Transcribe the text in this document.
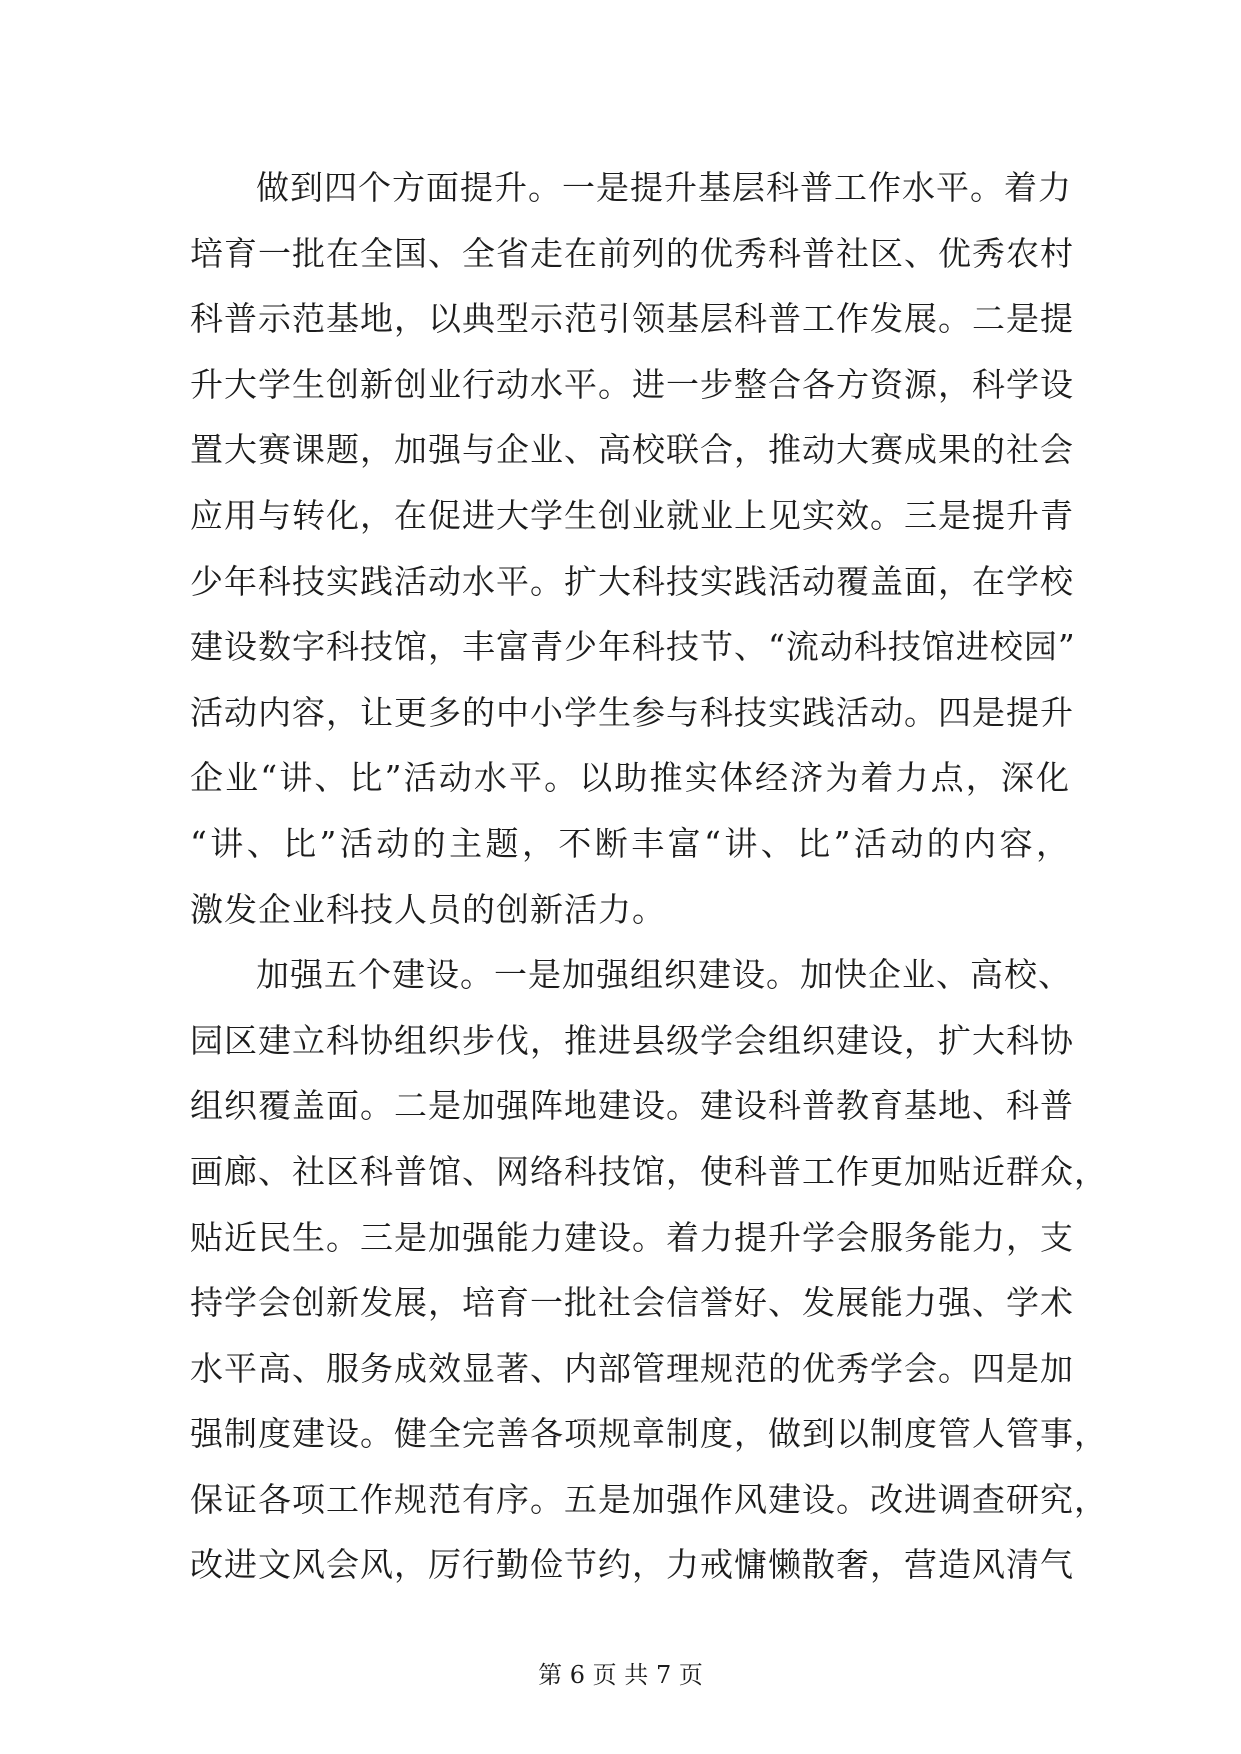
做到四个方面提升。一是提升基层科普工作水平。着力
培育一批在全国、全省走在前列的优秀科普社区、优秀农村
科普示范基地，以典型示范引领基层科普工作发展。二是提
升大学生创新创业行动水平。进一步整合各方资源，科学设
置大赛课题，加强与企业、高校联合，推动大赛成果的社会
应用与转化，在促进大学生创业就业上见实效。三是提升青
少年科技实践活动水平。扩大科技实践活动覆盖面，在学校
建设数字科技馆，丰富青少年科技节、“流动科技馆进校园”
活动内容，让更多的中小学生参与科技实践活动。四是提升
企业“讲、比”活动水平。以助推实体经济为着力点，深化
“讲、比”活动的主题，不断丰富“讲、比”活动的内容，
激发企业科技人员的创新活力。
加强五个建设。一是加强组织建设。加快企业、高校、
园区建立科协组织步伐，推进县级学会组织建设，扩大科协
组织覆盖面。二是加强阵地建设。建设科普教育基地、科普
画廊、社区科普馆、网络科技馆，使科普工作更加贴近群众，
贴近民生。三是加强能力建设。着力提升学会服务能力，支
持学会创新发展，培育一批社会信誉好、发展能力强、学术
水平高、服务成效显著、内部管理规范的优秀学会。四是加
强制度建设。健全完善各项规章制度，做到以制度管人管事，
保证各项工作规范有序。五是加强作风建设。改进调查研究，
改进文风会风，厉行勤俭节约，力戒慵懒散奢，营造风清气
第 6 页 共 7 页
